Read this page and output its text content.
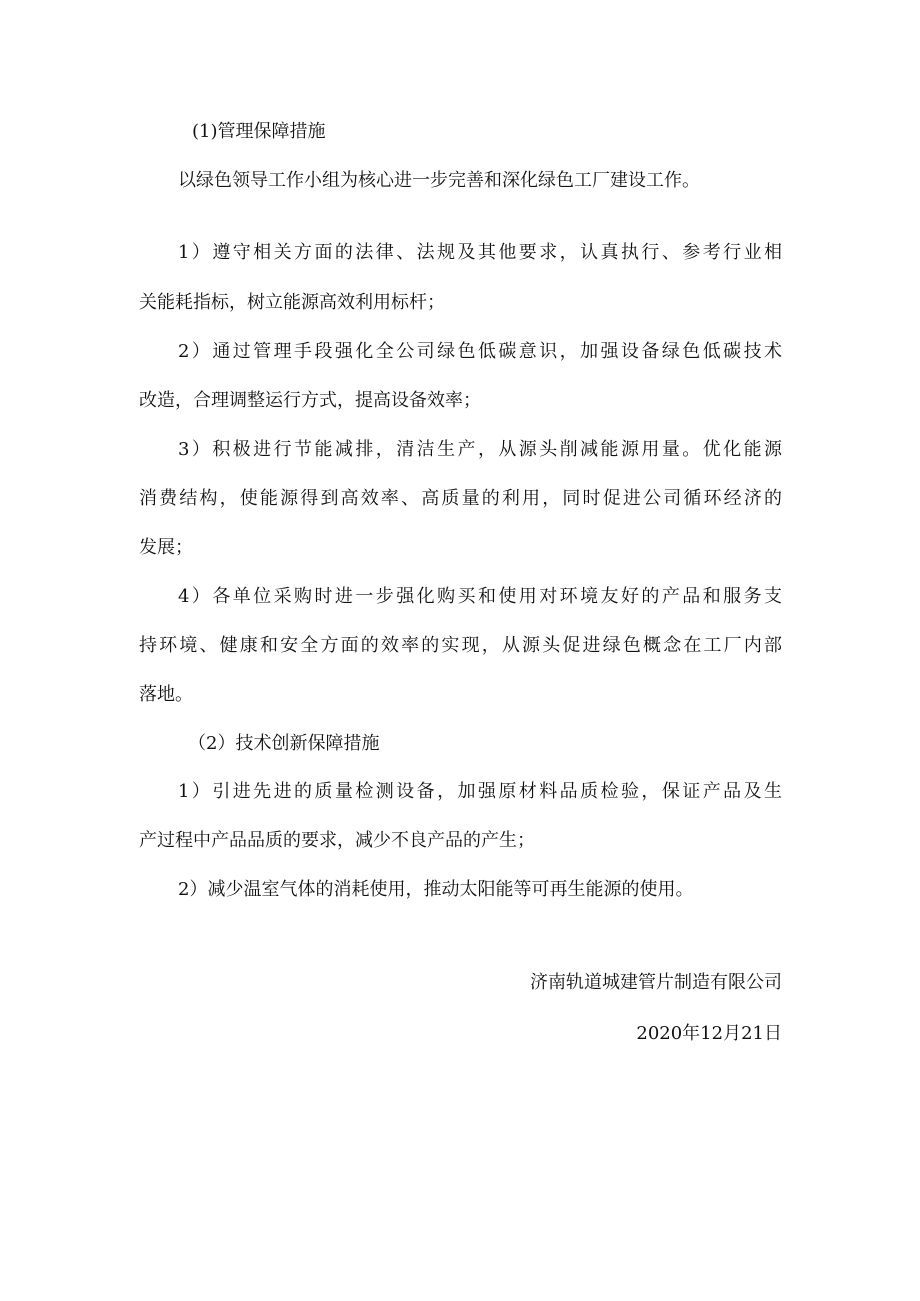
(1)管理保障措施
以绿色领导工作小组为核心进一步完善和深化绿色工厂建设工作。
1）遵守相关方面的法律、法规及其他要求，认真执行、参考行业相
关能耗指标，树立能源高效利用标杆；
2）通过管理手段强化全公司绿色低碳意识，加强设备绿色低碳技术
改造，合理调整运行方式，提高设备效率；
3）积极进行节能减排，清洁生产，从源头削减能源用量。优化能源
消费结构，使能源得到高效率、高质量的利用，同时促进公司循环经济的
发展；
4）各单位采购时进一步强化购买和使用对环境友好的产品和服务支
持环境、健康和安全方面的效率的实现，从源头促进绿色概念在工厂内部
落地。
（2）技术创新保障措施
1）引进先进的质量检测设备，加强原材料品质检验，保证产品及生
产过程中产品品质的要求，减少不良产品的产生；
2）减少温室气体的消耗使用，推动太阳能等可再生能源的使用。
济南轨道城建管片制造有限公司
2020年12月21日
